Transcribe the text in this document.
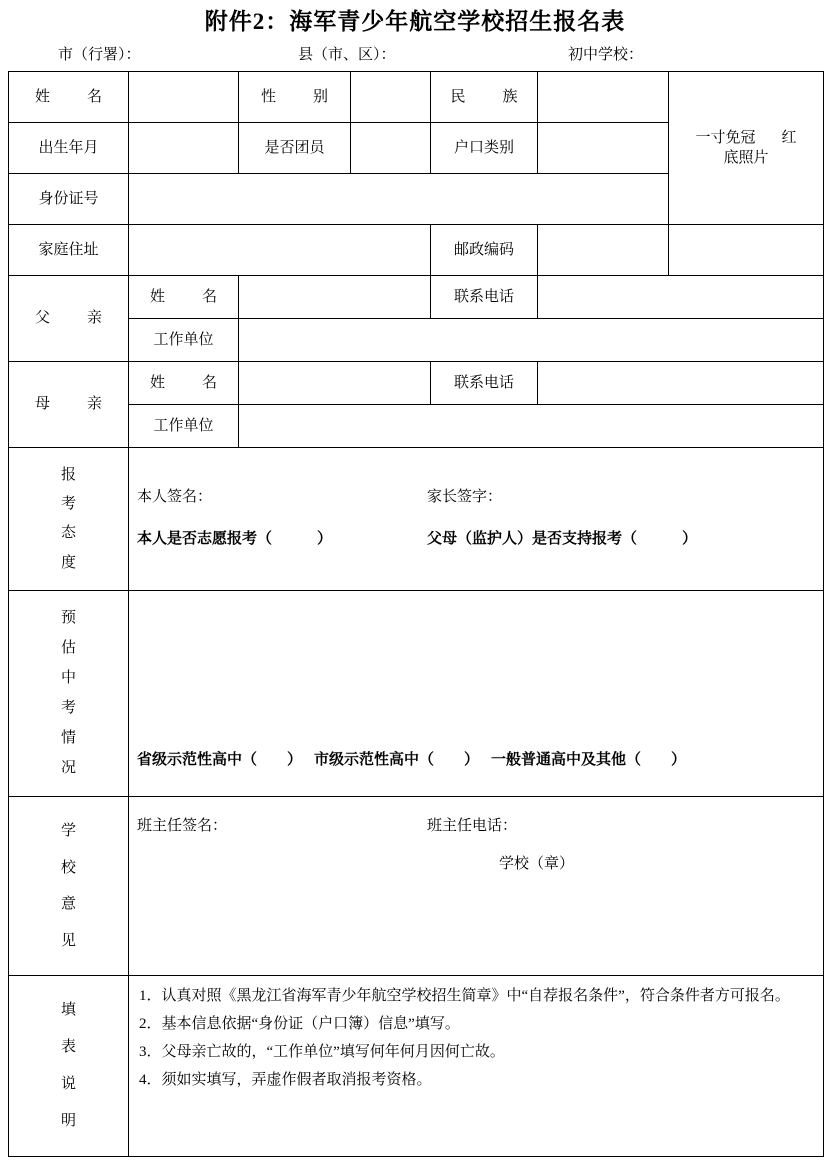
附件2：海军青少年航空学校招生报名表
市（行署）：	县（市、区）：	初中学校：
姓　名		性　别		民　族		一寸免冠 红
底照片

出生年月		是否团员		户口类别		

身份证号						

家庭住址				邮政编码		

父　亲	姓　名			联系电话		

	工作单位					

母　亲	姓　名			联系电话		

	工作单位					

报
考
态
度

本人是否志愿报考（　　　）	父母（监护人）是否支持报考（　　　）
本人签名：	家长签字：

预
估
中
考
情
况

省级示范性高中（　　） 市级示范性高中（　　） 一般普通高中及其他（　　）
班主任签名：	班主任电话：

学
校
意
见	学校（章）					

填
表
说
明

1．认真对照《黑龙江省海军青少年航空学校招生简章》中“自荐报名条件”，符合条件者方可报名。
2．基本信息依据“身份证（户口簿）信息”填写。
3．父母亲亡故的，“工作单位”填写何年何月因何亡故。
4．须如实填写，弄虚作假者取消报考资格。
